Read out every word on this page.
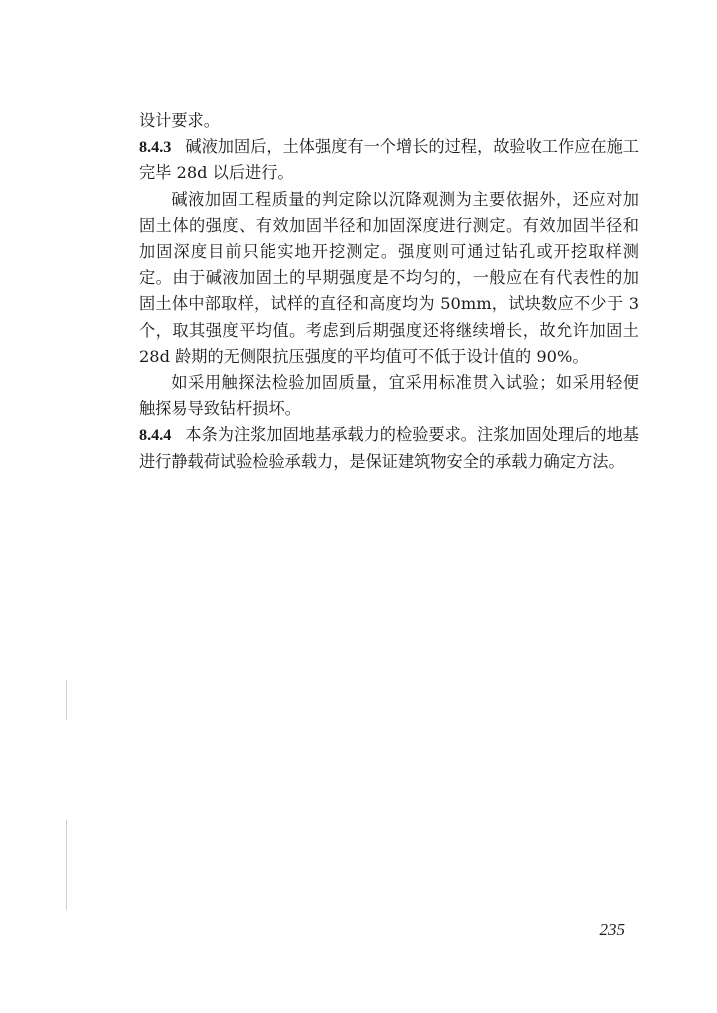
设计要求。

8.4.3 碱液加固后，土体强度有一个增长的过程，故验收工作应在施工完毕 28d 以后进行。

碱液加固工程质量的判定除以沉降观测为主要依据外，还应对加固土体的强度、有效加固半径和加固深度进行测定。有效加固半径和加固深度目前只能实地开挖测定。强度则可通过钻孔或开挖取样测定。由于碱液加固土的早期强度是不均匀的，一般应在有代表性的加固土体中部取样，试样的直径和高度均为 50mm，试块数应不少于 3 个，取其强度平均值。考虑到后期强度还将继续增长，故允许加固土 28d 龄期的无侧限抗压强度的平均值可不低于设计值的 90%。

如采用触探法检验加固质量，宜采用标准贯入试验；如采用轻便触探易导致钻杆损坏。

8.4.4 本条为注浆加固地基承载力的检验要求。注浆加固处理后的地基进行静载荷试验检验承载力，是保证建筑物安全的承载力确定方法。

235
